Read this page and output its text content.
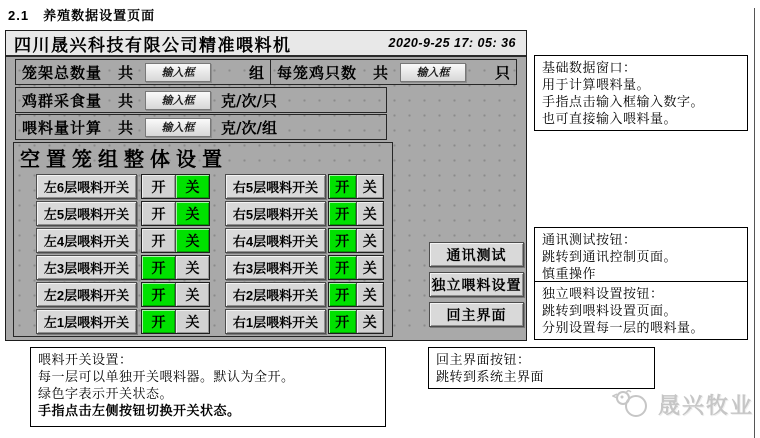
2.1 养殖数据设置页面
四川晟兴科技有限公司精准喂料机	2020-9-25 17: 05: 36
笼架总数量 共	输入框	组 每笼鸡只数 共	输入框	只
鸡群采食量 共	输入框	克/次/只
喂料量计算 共	输入框	克/次/组
空置笼组整体设置
左6层喂料开关	开	关
左5层喂料开关	开	关
左4层喂料开关	开	关
左3层喂料开关	开	关
左2层喂料开关	开	关
左1层喂料开关	开	关
右5层喂料开关	开 关
右5层喂料开关	开 关
右4层喂料开关	开 关
右3层喂料开关	开 关
右2层喂料开关	开 关
右1层喂料开关	开 关
通讯测试
独立喂料设置
回主界面
基础数据窗口：
用于计算喂料量。
手指点击输入框输入数字。
也可直接输入喂料量。
通讯测试按钮：
跳转到通讯控制页面。
慎重操作
独立喂料设置按钮：
跳转到喂料设置页面。
分别设置每一层的喂料量。
喂料开关设置：
每一层可以单独开关喂料器。默认为全开。
绿色字表示开关状态。
手指点击左侧按钮切换开关状态。
回主界面按钮：
跳转到系统主界面
晟兴牧业
